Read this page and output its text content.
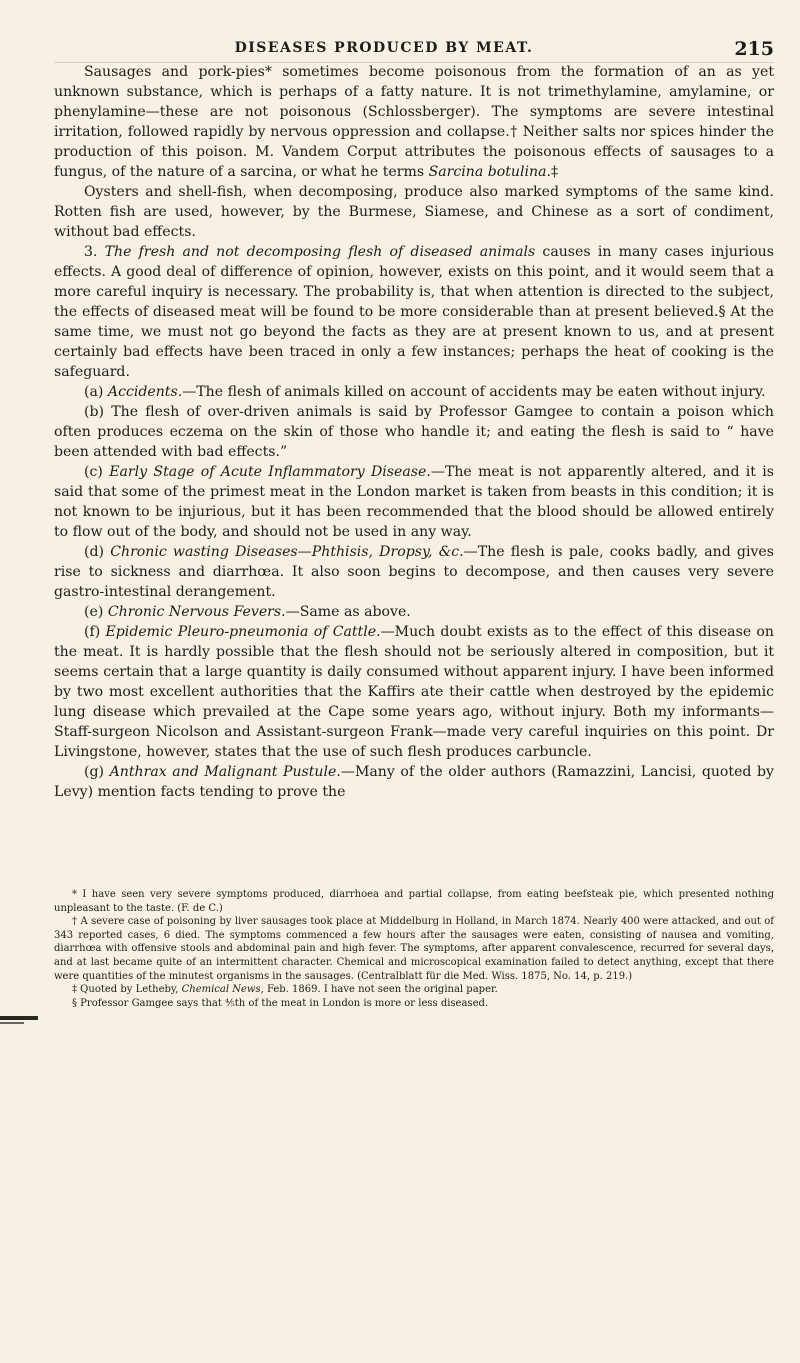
DISEASES PRODUCED BY MEAT.	215

Sausages and pork-pies* sometimes become poisonous from the formation of an as yet unknown substance, which is perhaps of a fatty nature. It is not trimethylamine, amylamine, or phenylamine—these are not poisonous (Schlossberger). The symptoms are severe intestinal irritation, followed rapidly by nervous oppression and collapse.† Neither salts nor spices hinder the production of this poison. M. Vandem Corput attributes the poisonous effects of sausages to a fungus, of the nature of a sarcina, or what he terms Sarcina botulina.‡

Oysters and shell-fish, when decomposing, produce also marked symptoms of the same kind. Rotten fish are used, however, by the Burmese, Siamese, and Chinese as a sort of condiment, without bad effects.

3. The fresh and not decomposing flesh of diseased animals causes in many cases injurious effects. A good deal of difference of opinion, however, exists on this point, and it would seem that a more careful inquiry is necessary. The probability is, that when attention is directed to the subject, the effects of diseased meat will be found to be more considerable than at present believed.§ At the same time, we must not go beyond the facts as they are at present known to us, and at present certainly bad effects have been traced in only a few instances; perhaps the heat of cooking is the safeguard.

(a) Accidents.—The flesh of animals killed on account of accidents may be eaten without injury.

(b) The flesh of over-driven animals is said by Professor Gamgee to contain a poison which often produces eczema on the skin of those who handle it; and eating the flesh is said to “ have been attended with bad effects.”

(c) Early Stage of Acute Inflammatory Disease.—The meat is not apparently altered, and it is said that some of the primest meat in the London market is taken from beasts in this condition; it is not known to be injurious, but it has been recommended that the blood should be allowed entirely to flow out of the body, and should not be used in any way.

(d) Chronic wasting Diseases—Phthisis, Dropsy, &c.—The flesh is pale, cooks badly, and gives rise to sickness and diarrhœa. It also soon begins to decompose, and then causes very severe gastro-intestinal derangement.

(e) Chronic Nervous Fevers.—Same as above.

(f) Epidemic Pleuro-pneumonia of Cattle.—Much doubt exists as to the effect of this disease on the meat. It is hardly possible that the flesh should not be seriously altered in composition, but it seems certain that a large quantity is daily consumed without apparent injury. I have been informed by two most excellent authorities that the Kaffirs ate their cattle when destroyed by the epidemic lung disease which prevailed at the Cape some years ago, without injury. Both my informants—Staff-surgeon Nicolson and Assistant-surgeon Frank—made very careful inquiries on this point. Dr Livingstone, however, states that the use of such flesh produces carbuncle.

(g) Anthrax and Malignant Pustule.—Many of the older authors (Ramazzini, Lancisi, quoted by Levy) mention facts tending to prove the

* I have seen very severe symptoms produced, diarrhoea and partial collapse, from eating beefsteak pie, which presented nothing unpleasant to the taste. (F. de C.)

† A severe case of poisoning by liver sausages took place at Middelburg in Holland, in March 1874. Nearly 400 were attacked, and out of 343 reported cases, 6 died. The symptoms commenced a few hours after the sausages were eaten, consisting of nausea and vomiting, diarrhœa with offensive stools and abdominal pain and high fever. The symptoms, after apparent convalescence, recurred for several days, and at last became quite of an intermittent character. Chemical and microscopical examination failed to detect anything, except that there were quantities of the minutest organisms in the sausages. (Centralblatt für die Med. Wiss. 1875, No. 14, p. 219.)

‡ Quoted by Letheby, Chemical News, Feb. 1869. I have not seen the original paper.

§ Professor Gamgee says that ⅘th of the meat in London is more or less diseased.
